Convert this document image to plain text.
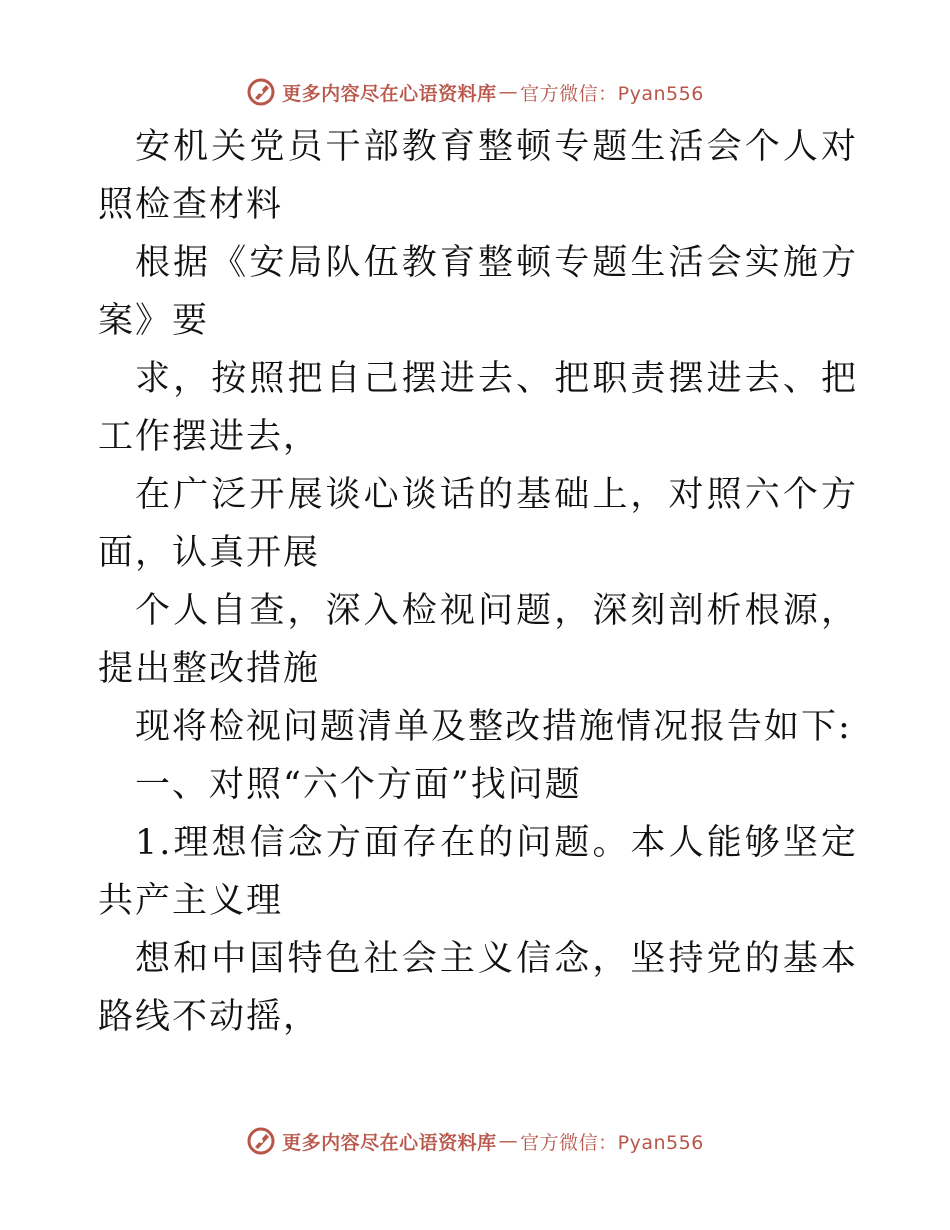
更多内容尽在心语资料库 — 官方微信：Pyan556

安机关党员干部教育整顿专题生活会个人对照检查材料

根据《安局队伍教育整顿专题生活会实施方案》要

求，按照把自己摆进去、把职责摆进去、把工作摆进去，

在广泛开展谈心谈话的基础上，对照六个方面，认真开展

个人自查，深入检视问题，深刻剖析根源，提出整改措施

现将检视问题清单及整改措施情况报告如下:

一、对照“六个方面”找问题

1.理想信念方面存在的问题。本人能够坚定共产主义理

想和中国特色社会主义信念，坚持党的基本路线不动摇，

更多内容尽在心语资料库 — 官方微信：Pyan556
